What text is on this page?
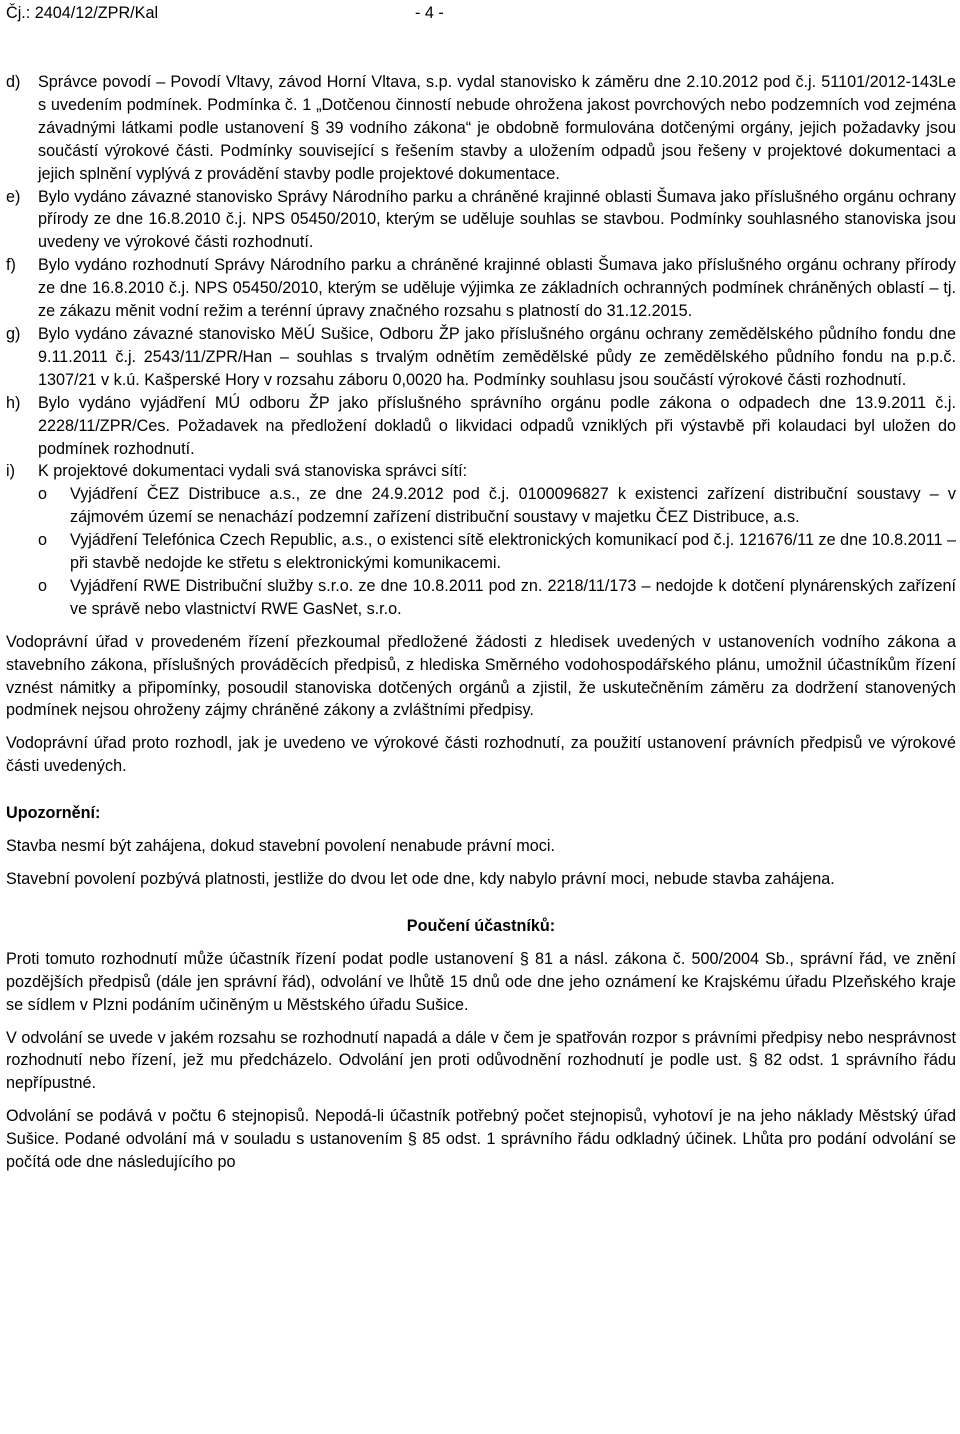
Čj.: 2404/12/ZPR/Kal	- 4 -
d)	Správce povodí – Povodí Vltavy, závod Horní Vltava, s.p. vydal stanovisko k záměru dne 2.10.2012 pod č.j. 51101/2012-143Le s uvedením podmínek. Podmínka č. 1 „Dotčenou činností nebude ohrožena jakost povrchových nebo podzemních vod zejména závadnými látkami podle ustanovení § 39 vodního zákona“ je obdobně formulována dotčenými orgány, jejich požadavky jsou součástí výrokové části. Podmínky související s řešením stavby a uložením odpadů jsou řešeny v projektové dokumentaci a jejich splnění vyplývá z provádění stavby podle projektové dokumentace.
e)	Bylo vydáno závazné stanovisko Správy Národního parku a chráněné krajinné oblasti Šumava jako příslušného orgánu ochrany přírody ze dne 16.8.2010 č.j. NPS 05450/2010, kterým se uděluje souhlas se stavbou. Podmínky souhlasného stanoviska jsou uvedeny ve výrokové části rozhodnutí.
f)	Bylo vydáno rozhodnutí Správy Národního parku a chráněné krajinné oblasti Šumava jako příslušného orgánu ochrany přírody ze dne 16.8.2010 č.j. NPS 05450/2010, kterým se uděluje výjimka ze základních ochranných podmínek chráněných oblastí – tj. ze zákazu měnit vodní režim a terénní úpravy značného rozsahu s platností do 31.12.2015.
g)	Bylo vydáno závazné stanovisko MěÚ Sušice, Odboru ŽP jako příslušného orgánu ochrany zemědělského půdního fondu dne 9.11.2011 č.j. 2543/11/ZPR/Han – souhlas s trvalým odnětím zemědělské půdy ze zemědělského půdního fondu na p.p.č. 1307/21 v k.ú. Kašperské Hory v rozsahu záboru 0,0020 ha. Podmínky souhlasu jsou součástí výrokové části rozhodnutí.
h)	Bylo vydáno vyjádření MÚ odboru ŽP jako příslušného správního orgánu podle zákona o odpadech dne 13.9.2011 č.j. 2228/11/ZPR/Ces. Požadavek na předložení dokladů o likvidaci odpadů vzniklých při výstavbě při kolaudaci byl uložen do podmínek rozhodnutí.
i)	K projektové dokumentaci vydali svá stanoviska správci sítí:
o	Vyjádření ČEZ Distribuce a.s., ze dne 24.9.2012 pod č.j. 0100096827 k existenci zařízení distribuční soustavy – v zájmovém území se nenachází podzemní zařízení distribuční soustavy v majetku ČEZ Distribuce, a.s.
o	Vyjádření Telefónica Czech Republic, a.s., o existenci sítě elektronických komunikací pod č.j. 121676/11 ze dne 10.8.2011 – při stavbě nedojde ke střetu s elektronickými komunikacemi.
o	Vyjádření RWE Distribuční služby s.r.o. ze dne 10.8.2011 pod zn. 2218/11/173 – nedojde k dotčení plynárenských zařízení ve správě nebo vlastnictví RWE GasNet, s.r.o.
Vodoprávní úřad v provedeném řízení přezkoumal předložené žádosti z hledisek uvedených v ustanoveních vodního zákona a stavebního zákona, příslušných prováděcích předpisů, z hlediska Směrného vodohospodářského plánu, umožnil účastníkům řízení vznést námitky a připomínky, posoudil stanoviska dotčených orgánů a zjistil, že uskutečněním záměru za dodržení stanovených podmínek nejsou ohroženy zájmy chráněné zákony a zvláštními předpisy.
Vodoprávní úřad proto rozhodl, jak je uvedeno ve výrokové části rozhodnutí, za použití ustanovení právních předpisů ve výrokové části uvedených.
Upozornění:
Stavba nesmí být zahájena, dokud stavební povolení nenabude právní moci.
Stavební povolení pozbývá platnosti, jestliže do dvou let ode dne, kdy nabylo právní moci, nebude stavba zahájena.
Poučení účastníků:
Proti tomuto rozhodnutí může účastník řízení podat podle ustanovení § 81 a násl. zákona č. 500/2004 Sb., správní řád, ve znění pozdějších předpisů (dále jen správní řád), odvolání ve lhůtě 15 dnů ode dne jeho oznámení ke Krajskému úřadu Plzeňského kraje se sídlem v Plzni podáním učiněným u Městského úřadu Sušice.
V odvolání se uvede v jakém rozsahu se rozhodnutí napadá a dále v čem je spatřován rozpor s právními předpisy nebo nesprávnost rozhodnutí nebo řízení, jež mu předcházelo. Odvolání jen proti odůvodnění rozhodnutí je podle ust. § 82 odst. 1 správního řádu nepřípustné.
Odvolání se podává v počtu 6 stejnopisů. Nepodá-li účastník potřebný počet stejnopisů, vyhotoví je na jeho náklady Městský úřad Sušice. Podané odvolání má v souladu s ustanovením § 85 odst. 1 správního řádu odkladný účinek. Lhůta pro podání odvolání se počítá ode dne následujícího po
